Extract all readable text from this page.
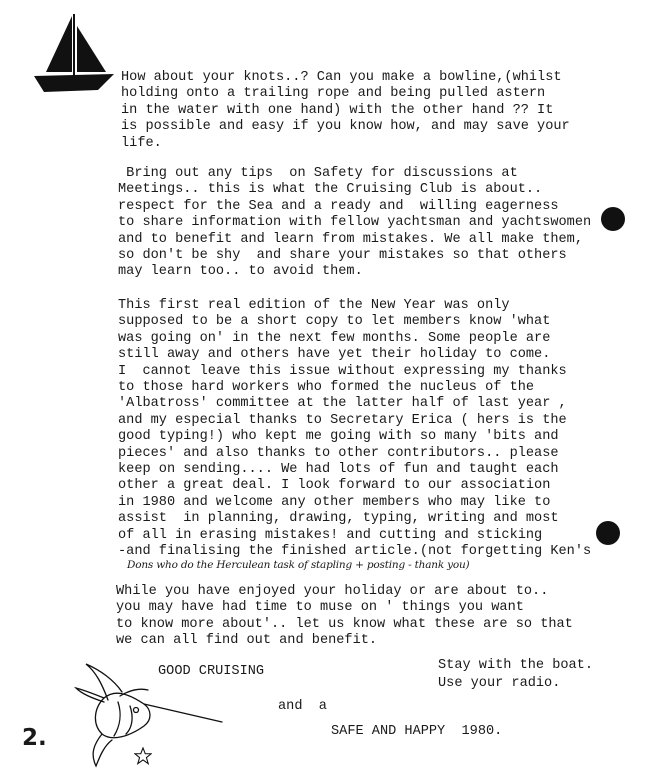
How about your knots..? Can you make a bowline,(whilst
holding onto a trailing rope and being pulled astern
in the water with one hand) with the other hand ?? It
is possible and easy if you know how, and may save your
life.
Bring out any tips  on Safety for discussions at
Meetings.. this is what the Cruising Club is about..
respect for the Sea and a ready and  willing eagerness
to share information with fellow yachtsman and yachtswomen
and to benefit and learn from mistakes. We all make them,
so don't be shy  and share your mistakes so that others
may learn too.. to avoid them.
This first real edition of the New Year was only
supposed to be a short copy to let members know 'what
was going on' in the next few months. Some people are
still away and others have yet their holiday to come.
I  cannot leave this issue without expressing my thanks
to those hard workers who formed the nucleus of the
'Albatross' committee at the latter half of last year ,
and my especial thanks to Secretary Erica ( hers is the
good typing!) who kept me going with so many 'bits and
pieces' and also thanks to other contributors.. please
keep on sending.... We had lots of fun and taught each
other a great deal. I look forward to our association
in 1980 and welcome any other members who may like to
assist  in planning, drawing, typing, writing and most
of all in erasing mistakes! and cutting and sticking
-and finalising the finished article.(not forgetting Ken's
Dons who do the Herculean task of stapling + posting - thank you)
While you have enjoyed your holiday or are about to..
you may have had time to muse on ' things you want
to know more about'.. let us know what these are so that
we can all find out and benefit.
GOOD CRUISING
and  a
SAFE AND HAPPY  1980.
Stay with the boat.
Use your radio.
2.
